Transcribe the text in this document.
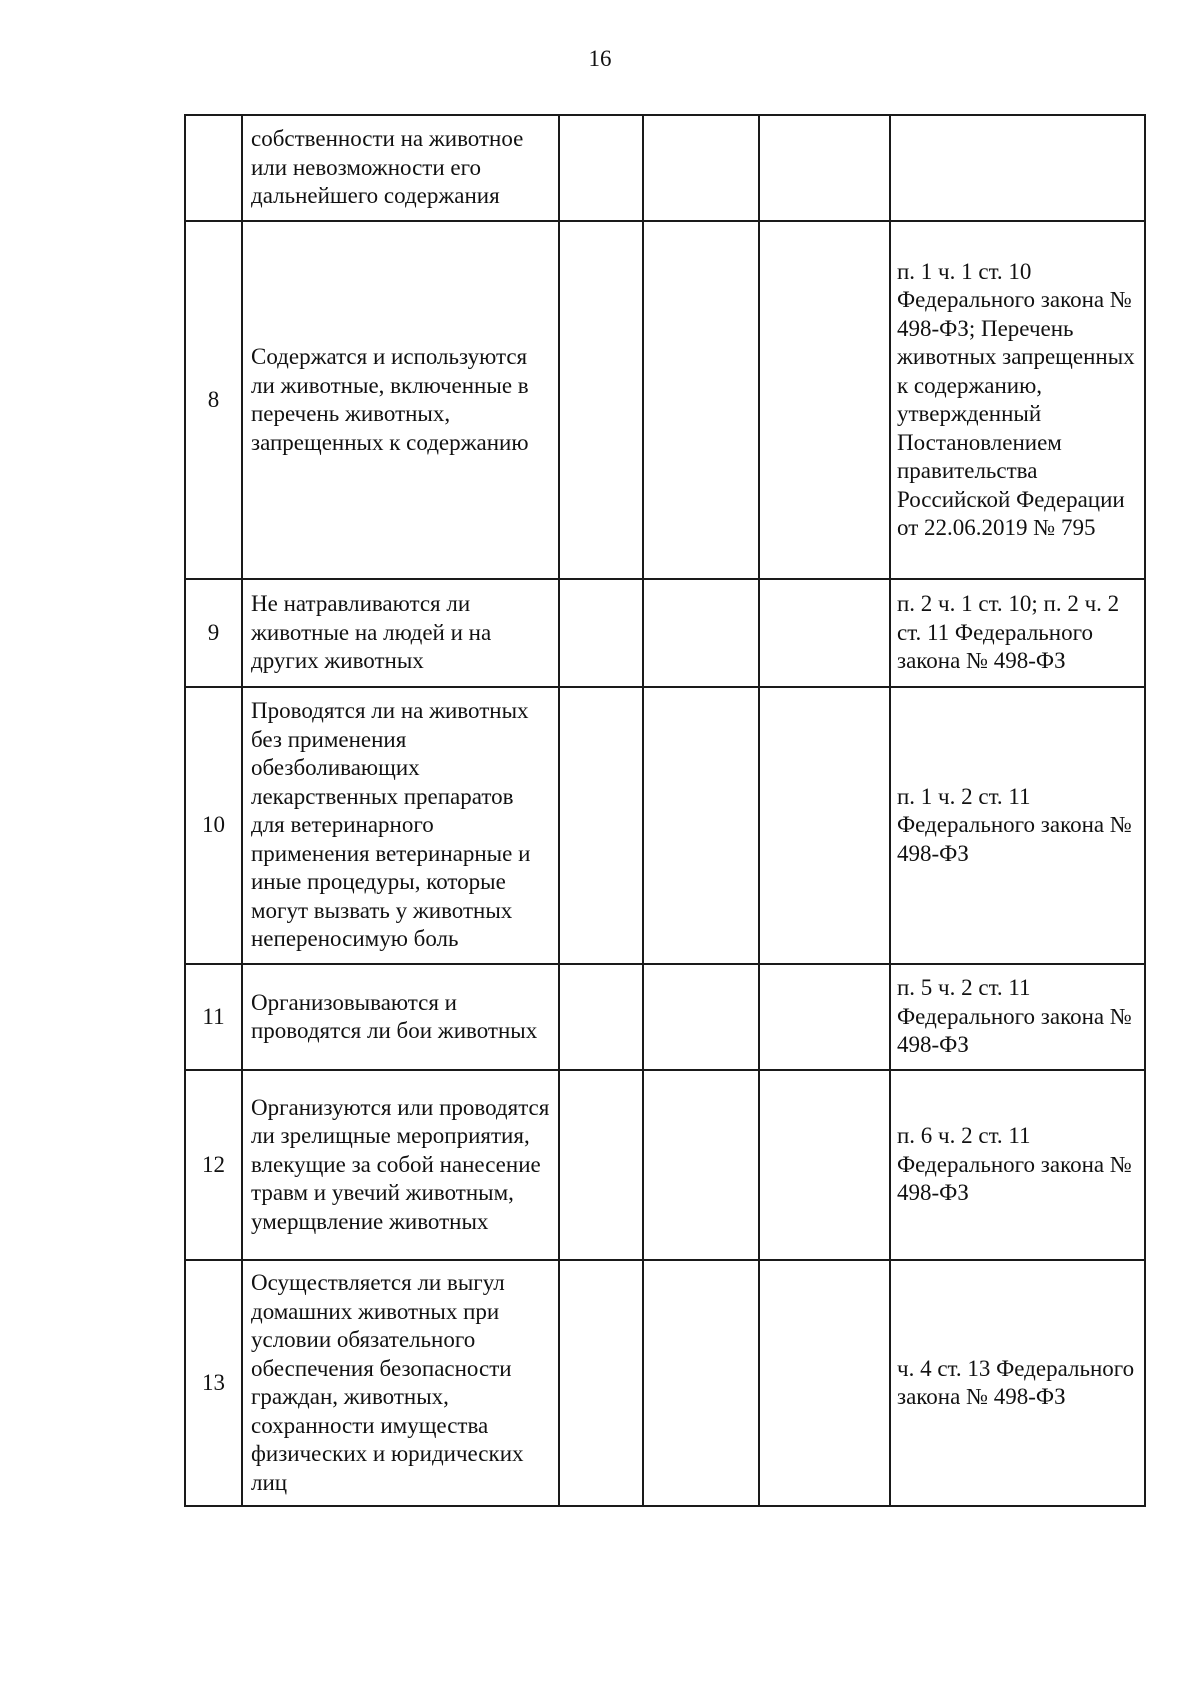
16
	собственности на животное или невозможности его дальнейшего содержания				
8	Содержатся и используются ли животные, включенные в перечень животных, запрещенных к содержанию				п. 1 ч. 1 ст. 10 Федерального закона № 498-ФЗ; Перечень животных запрещенных к содержанию, утвержденный Постановлением правительства Российской Федерации от 22.06.2019 № 795
9	Не натравливаются ли животные на людей и на других животных				п. 2 ч. 1 ст. 10; п. 2 ч. 2 ст. 11 Федерального закона № 498-ФЗ
10	Проводятся ли на животных без применения обезболивающих лекарственных препаратов для ветеринарного применения ветеринарные и иные процедуры, которые могут вызвать у животных непереносимую боль				п. 1 ч. 2 ст. 11 Федерального закона № 498-ФЗ
11	Организовываются и проводятся ли бои животных				п. 5 ч. 2 ст. 11 Федерального закона № 498-ФЗ
12	Организуются или проводятся ли зрелищные мероприятия, влекущие за собой нанесение травм и увечий животным, умерщвление животных				п. 6 ч. 2 ст. 11 Федерального закона № 498-ФЗ
13	Осуществляется ли выгул домашних животных при условии обязательного обеспечения безопасности граждан, животных, сохранности имущества физических и юридических лиц				ч. 4 ст. 13 Федерального закона № 498-ФЗ
